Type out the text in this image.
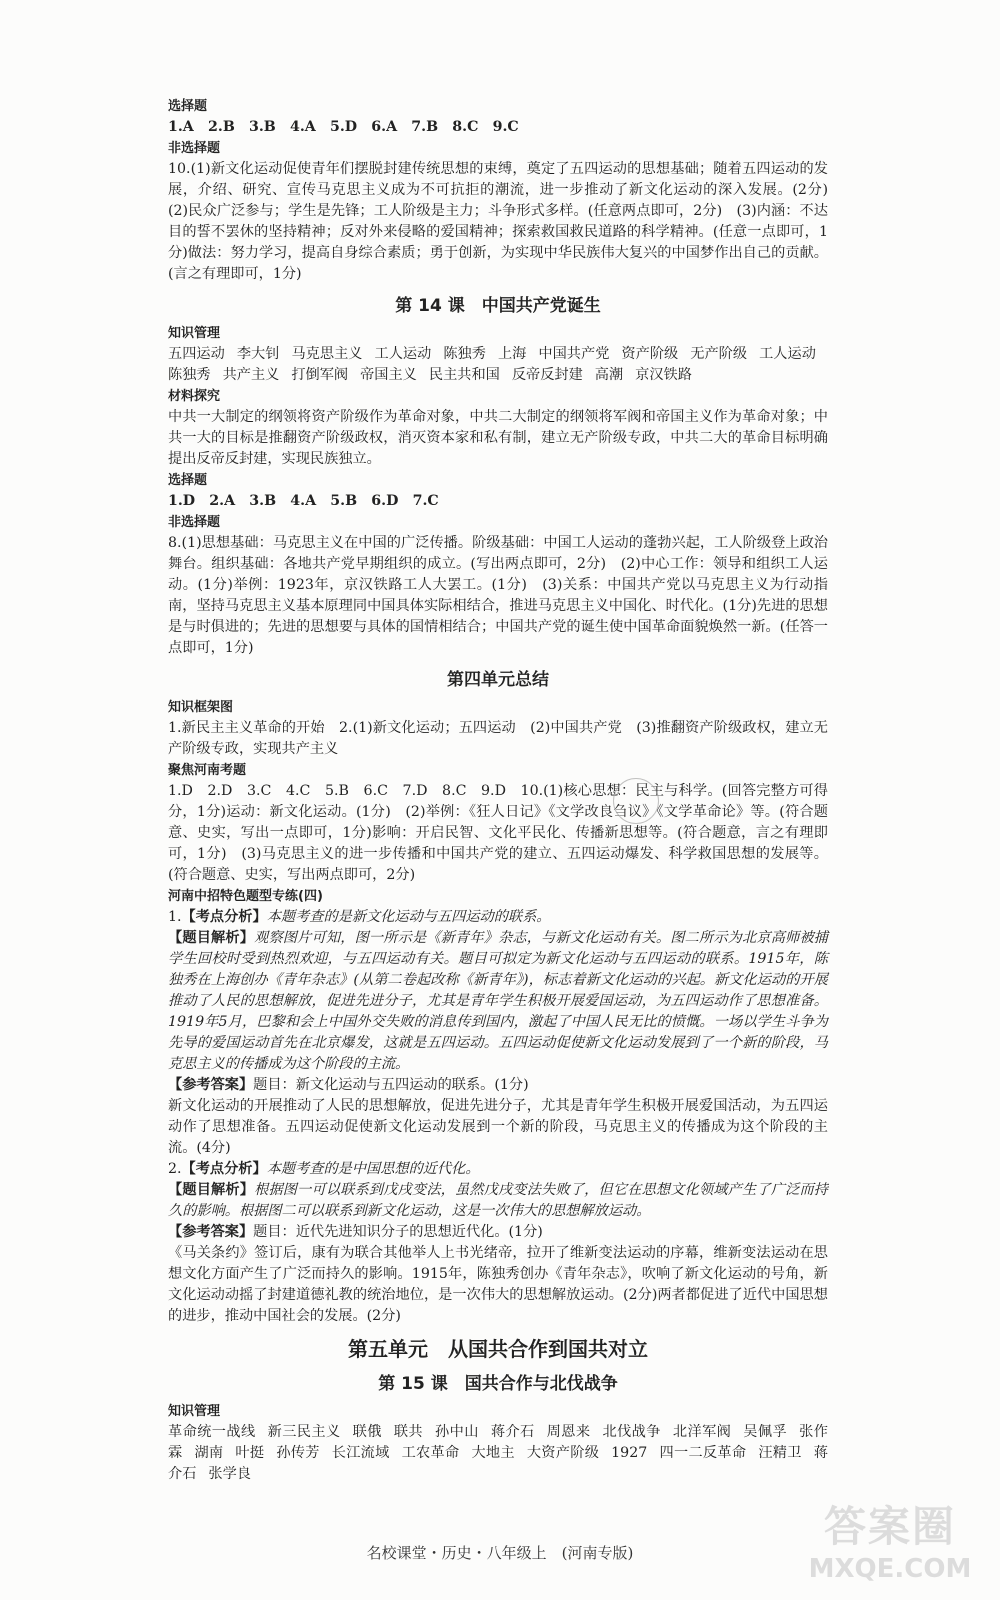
选择题

1.A　2.B　3.B　4.A　5.D　6.A　7.B　8.C　9.C

非选择题

10.(1)新文化运动促使青年们摆脱封建传统思想的束缚，奠定了五四运动的思想基础；随着五四运动的发展，介绍、研究、宣传马克思主义成为不可抗拒的潮流，进一步推动了新文化运动的深入发展。(2分)　(2)民众广泛参与；学生是先锋；工人阶级是主力；斗争形式多样。(任意两点即可，2分)　(3)内涵：不达目的誓不罢休的坚持精神；反对外来侵略的爱国精神；探索救国救民道路的科学精神。(任意一点即可，1分)做法：努力学习，提高自身综合素质；勇于创新，为实现中华民族伟大复兴的中国梦作出自己的贡献。(言之有理即可，1分)

第 14 课　中国共产党诞生

知识管理

五四运动 李大钊 马克思主义 工人运动 陈独秀 上海 中国共产党 资产阶级 无产阶级 工人运动陈独秀 共产主义 打倒军阀 帝国主义 民主共和国 反帝反封建 高潮 京汉铁路

材料探究

中共一大制定的纲领将资产阶级作为革命对象，中共二大制定的纲领将军阀和帝国主义作为革命对象；中共一大的目标是推翻资产阶级政权，消灭资本家和私有制，建立无产阶级专政，中共二大的革命目标明确提出反帝反封建，实现民族独立。

选择题

1.D　2.A　3.B　4.A　5.B　6.D　7.C

非选择题

8.(1)思想基础：马克思主义在中国的广泛传播。阶级基础：中国工人运动的蓬勃兴起，工人阶级登上政治舞台。组织基础：各地共产党早期组织的成立。(写出两点即可，2分)　(2)中心工作：领导和组织工人运动。(1分)举例：1923年，京汉铁路工人大罢工。(1分)　(3)关系：中国共产党以马克思主义为行动指南，坚持马克思主义基本原理同中国具体实际相结合，推进马克思主义中国化、时代化。(1分)先进的思想是与时俱进的；先进的思想要与具体的国情相结合；中国共产党的诞生使中国革命面貌焕然一新。(任答一点即可，1分)

第四单元总结

知识框架图

1.新民主主义革命的开始　2.(1)新文化运动；五四运动　(2)中国共产党　(3)推翻资产阶级政权，建立无产阶级专政，实现共产主义

聚焦河南考题

1.D　2.D　3.C　4.C　5.B　6.C　7.D　8.C　9.D　10.(1)核心思想：民主与科学。(回答完整方可得分，1分)运动：新文化运动。(1分)　(2)举例：《狂人日记》《文学改良刍议》《文学革命论》等。(符合题意、史实，写出一点即可，1分)影响：开启民智、文化平民化、传播新思想等。(符合题意，言之有理即可，1分)　(3)马克思主义的进一步传播和中国共产党的建立、五四运动爆发、科学救国思想的发展等。(符合题意、史实，写出两点即可，2分)

河南中招特色题型专练(四)

1.【考点分析】本题考查的是新文化运动与五四运动的联系。

【题目解析】观察图片可知，图一所示是《新青年》杂志，与新文化运动有关。图二所示为北京高师被捕学生回校时受到热烈欢迎，与五四运动有关。题目可拟定为新文化运动与五四运动的联系。1915年，陈独秀在上海创办《青年杂志》(从第二卷起改称《新青年》)，标志着新文化运动的兴起。新文化运动的开展推动了人民的思想解放，促进先进分子，尤其是青年学生积极开展爱国运动，为五四运动作了思想准备。1919年5月，巴黎和会上中国外交失败的消息传到国内，激起了中国人民无比的愤慨。一场以学生斗争为先导的爱国运动首先在北京爆发，这就是五四运动。五四运动促使新文化运动发展到了一个新的阶段，马克思主义的传播成为这个阶段的主流。

【参考答案】题目：新文化运动与五四运动的联系。(1分)

新文化运动的开展推动了人民的思想解放，促进先进分子，尤其是青年学生积极开展爱国活动，为五四运动作了思想准备。五四运动促使新文化运动发展到一个新的阶段，马克思主义的传播成为这个阶段的主流。(4分)

2.【考点分析】本题考查的是中国思想的近代化。

【题目解析】根据图一可以联系到戊戌变法，虽然戊戌变法失败了，但它在思想文化领域产生了广泛而持久的影响。根据图二可以联系到新文化运动，这是一次伟大的思想解放运动。

【参考答案】题目：近代先进知识分子的思想近代化。(1分)

《马关条约》签订后，康有为联合其他举人上书光绪帝，拉开了维新变法运动的序幕，维新变法运动在思想文化方面产生了广泛而持久的影响。1915年，陈独秀创办《青年杂志》，吹响了新文化运动的号角，新文化运动动摇了封建道德礼教的统治地位，是一次伟大的思想解放运动。(2分)两者都促进了近代中国思想的进步，推动中国社会的发展。(2分)

第五单元　从国共合作到国共对立
第 15 课　国共合作与北伐战争

知识管理

革命统一战线 新三民主义 联俄 联共 孙中山 蒋介石 周恩来 北伐战争 北洋军阀 吴佩孚 张作霖 湖南 叶挺 孙传芳 长江流域 工农革命 大地主 大资产阶级 1927 四一二反革命 汪精卫 蒋介石 张学良

名校课堂・历史・八年级上　(河南专版)
答案圈
MXQE.COM
